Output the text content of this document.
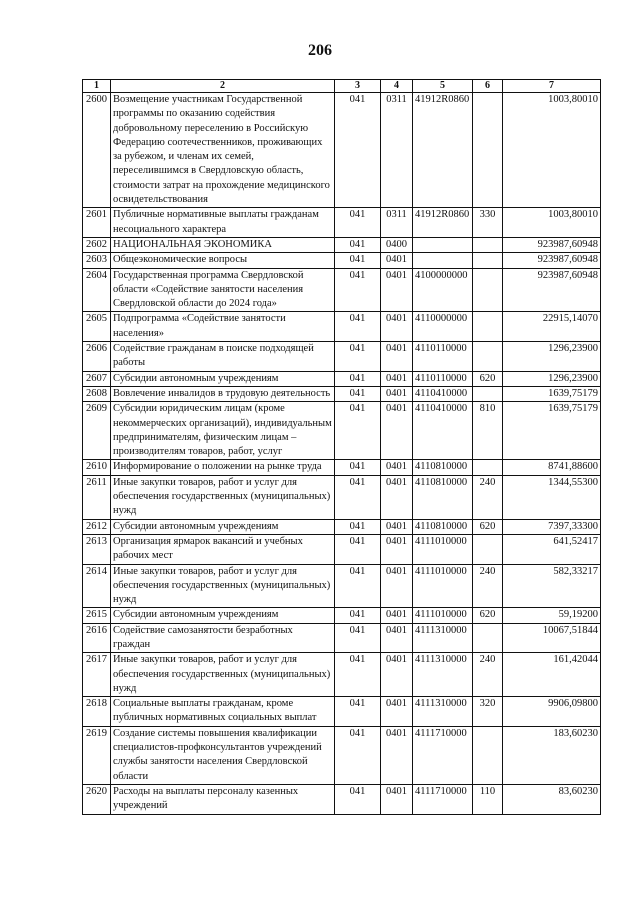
206
1	2	3	4	5	6	7
2600	Возмещение участникам Государственной программы по оказанию содействия добровольному переселению в Российскую Федерацию соотечественников, проживающих за рубежом, и членам их семей, переселившимся в Свердловскую область, стоимости затрат на прохождение медицинского освидетельствования	041	0311	41912R0860		1003,80010
2601	Публичные нормативные выплаты гражданам несоциального характера	041	0311	41912R0860	330	1003,80010
2602	НАЦИОНАЛЬНАЯ ЭКОНОМИКА	041	0400			923987,60948
2603	Общеэкономические вопросы	041	0401			923987,60948
2604	Государственная программа Свердловской области «Содействие занятости населения Свердловской области до 2024 года»	041	0401	4100000000		923987,60948
2605	Подпрограмма «Содействие занятости населения»	041	0401	4110000000		22915,14070
2606	Содействие гражданам в поиске подходящей работы	041	0401	4110110000		1296,23900
2607	Субсидии автономным учреждениям	041	0401	4110110000	620	1296,23900
2608	Вовлечение инвалидов в трудовую деятельность	041	0401	4110410000		1639,75179
2609	Субсидии юридическим лицам (кроме некоммерческих организаций), индивидуальным предпринимателям, физическим лицам – производителям товаров, работ, услуг	041	0401	4110410000	810	1639,75179
2610	Информирование о положении на рынке труда	041	0401	4110810000		8741,88600
2611	Иные закупки товаров, работ и услуг для обеспечения государственных (муниципальных) нужд	041	0401	4110810000	240	1344,55300
2612	Субсидии автономным учреждениям	041	0401	4110810000	620	7397,33300
2613	Организация ярмарок вакансий и учебных рабочих мест	041	0401	4111010000		641,52417
2614	Иные закупки товаров, работ и услуг для обеспечения государственных (муниципальных) нужд	041	0401	4111010000	240	582,33217
2615	Субсидии автономным учреждениям	041	0401	4111010000	620	59,19200
2616	Содействие самозанятости безработных граждан	041	0401	4111310000		10067,51844
2617	Иные закупки товаров, работ и услуг для обеспечения государственных (муниципальных) нужд	041	0401	4111310000	240	161,42044
2618	Социальные выплаты гражданам, кроме публичных нормативных социальных выплат	041	0401	4111310000	320	9906,09800
2619	Создание системы повышения квалификации специалистов-профконсультантов учреждений службы занятости населения Свердловской области	041	0401	4111710000		183,60230
2620	Расходы на выплаты персоналу казенных учреждений	041	0401	4111710000	110	83,60230
